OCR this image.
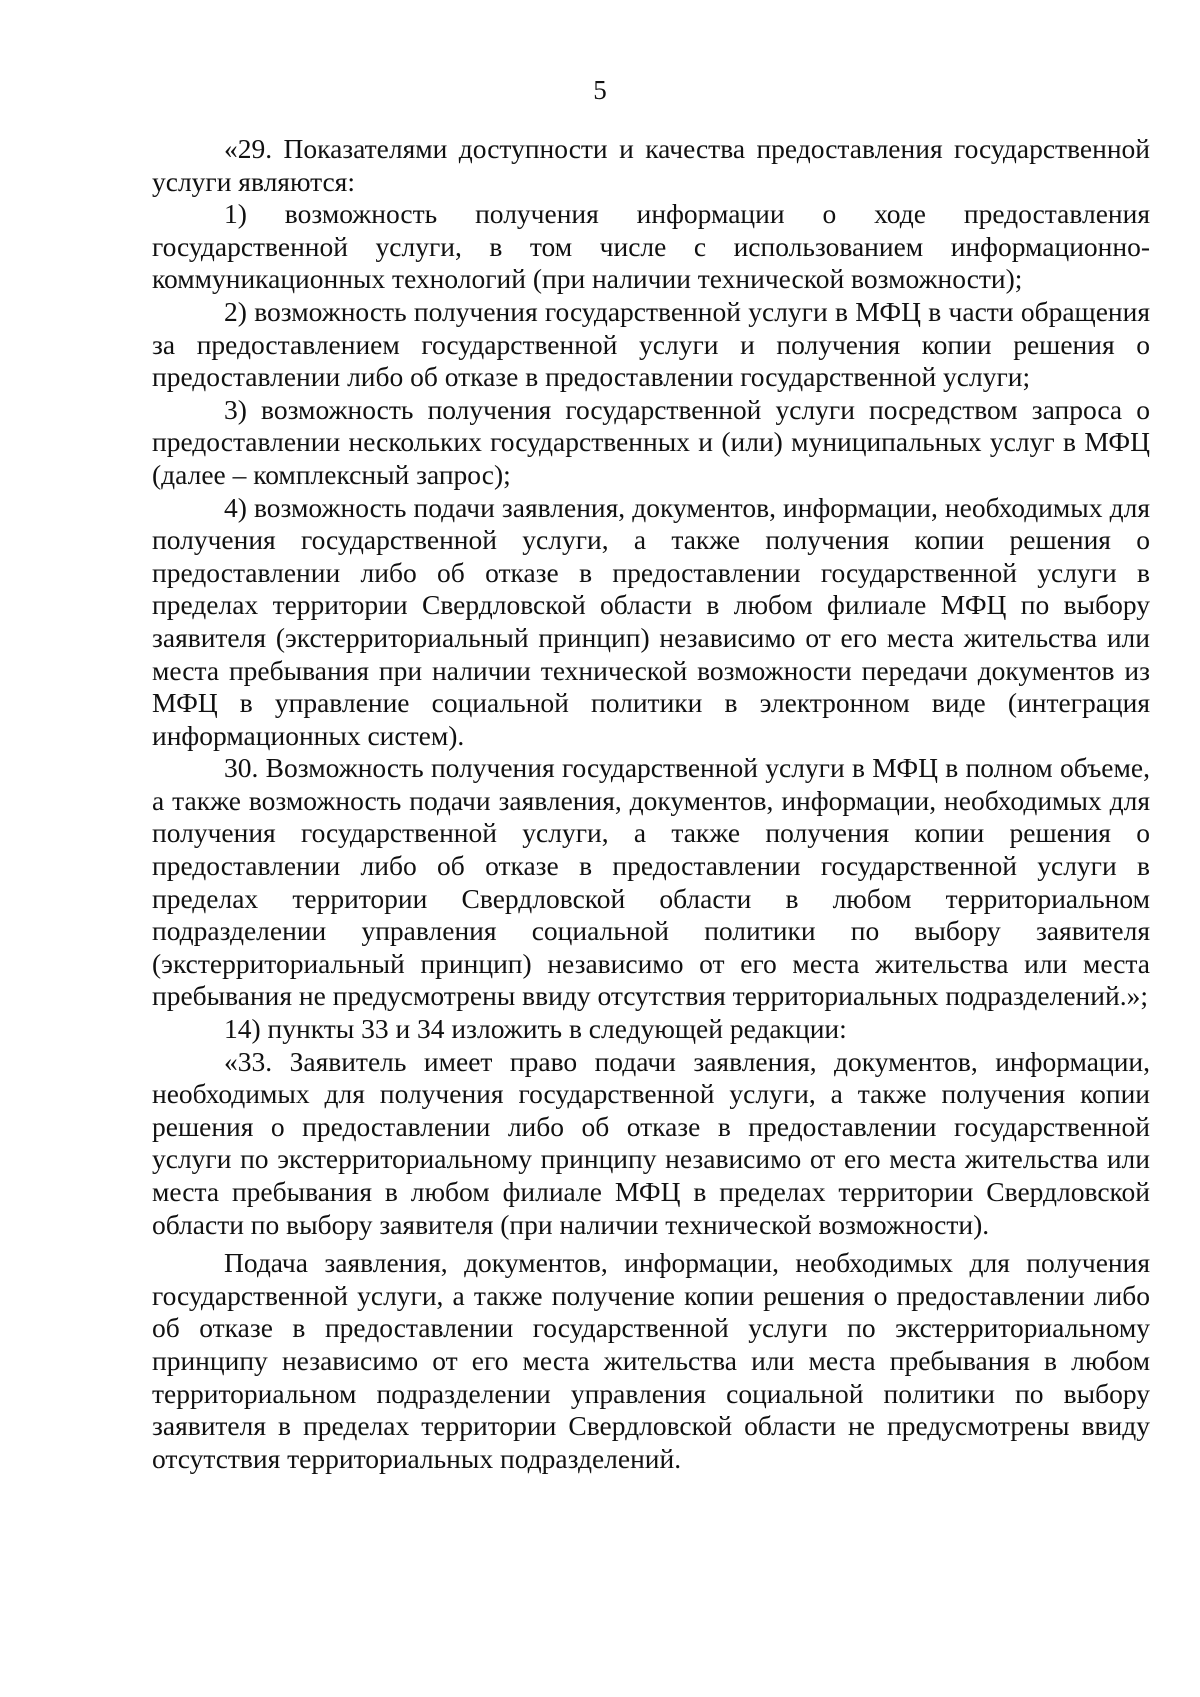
5

«29. Показателями доступности и качества предоставления государственной услуги являются:

1) возможность получения информации о ходе предоставления государственной услуги, в том числе с использованием информационно-коммуникационных технологий (при наличии технической возможности);

2) возможность получения государственной услуги в МФЦ в части обращения за предоставлением государственной услуги и получения копии решения о предоставлении либо об отказе в предоставлении государственной услуги;

3) возможность получения государственной услуги посредством запроса о предоставлении нескольких государственных и (или) муниципальных услуг в МФЦ (далее – комплексный запрос);

4) возможность подачи заявления, документов, информации, необходимых для получения государственной услуги, а также получения копии решения о предоставлении либо об отказе в предоставлении государственной услуги в пределах территории Свердловской области в любом филиале МФЦ по выбору заявителя (экстерриториальный принцип) независимо от его места жительства или места пребывания при наличии технической возможности передачи документов из МФЦ в управление социальной политики в электронном виде (интеграция информационных систем).

30. Возможность получения государственной услуги в МФЦ в полном объеме, а также возможность подачи заявления, документов, информации, необходимых для получения государственной услуги, а также получения копии решения о предоставлении либо об отказе в предоставлении государственной услуги в пределах территории Свердловской области в любом территориальном подразделении управления социальной политики по выбору заявителя (экстерриториальный принцип) независимо от его места жительства или места пребывания не предусмотрены ввиду отсутствия территориальных подразделений.»;

14) пункты 33 и 34 изложить в следующей редакции:

«33. Заявитель имеет право подачи заявления, документов, информации, необходимых для получения государственной услуги, а также получения копии решения о предоставлении либо об отказе в предоставлении государственной услуги по экстерриториальному принципу независимо от его места жительства или места пребывания в любом филиале МФЦ в пределах территории Свердловской области по выбору заявителя (при наличии технической возможности).

Подача заявления, документов, информации, необходимых для получения государственной услуги, а также получение копии решения о предоставлении либо об отказе в предоставлении государственной услуги по экстерриториальному принципу независимо от его места жительства или места пребывания в любом территориальном подразделении управления социальной политики по выбору заявителя в пределах территории Свердловской области не предусмотрены ввиду отсутствия территориальных подразделений.
